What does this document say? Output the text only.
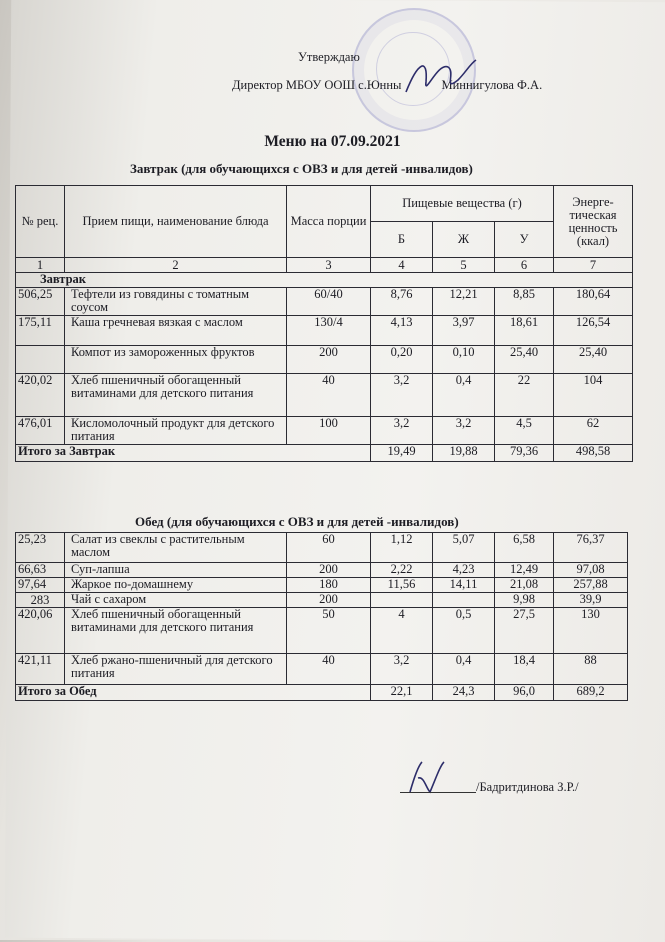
Утверждаю
Директор МБОУ ООШ с.Юнны	Миннигулова Ф.А.
Меню на 07.09.2021
Завтрак (для обучающихся с ОВЗ и для детей -инвалидов)
№ рец.	Прием пищи, наименование блюда	Масса порции	Пищевые вещества (г)			Энерге-тическая ценность (ккал)
			Б	Ж	У	
1	2	3	4	5	6	7
Завтрак						
506,25	Тефтели из говядины с томатным соусом	60/40	8,76	12,21	8,85	180,64
175,11	Каша гречневая вязкая с маслом	130/4	4,13	3,97	18,61	126,54
	Компот из замороженных фруктов	200	0,20	0,10	25,40	25,40
420,02	Хлеб пшеничный обогащенный витаминами для детского питания	40	3,2	0,4	22	104
476,01	Кисломолочный продукт для детского питания	100	3,2	3,2	4,5	62
Итого за Завтрак			19,49	19,88	79,36	498,58
Обед (для обучающихся с ОВЗ и для детей -инвалидов)
25,23	Салат из свеклы с растительным маслом	60	1,12	5,07	6,58	76,37
66,63	Суп-лапша	200	2,22	4,23	12,49	97,08
97,64	Жаркое по-домашнему	180	11,56	14,11	21,08	257,88
283	Чай с сахаром	200			9,98	39,9
420,06	Хлеб пшеничный обогащенный витаминами для детского питания	50	4	0,5	27,5	130
421,11	Хлеб ржано-пшеничный для детского питания	40	3,2	0,4	18,4	88
Итого за Обед			22,1	24,3	96,0	689,2
/Бадритдинова З.Р./
